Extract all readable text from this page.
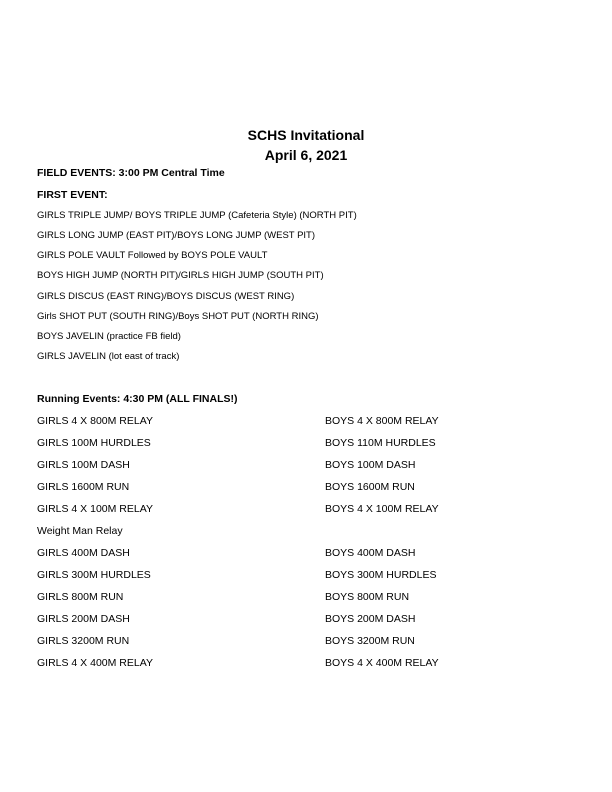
SCHS Invitational
April 6, 2021
FIELD EVENTS: 3:00 PM Central Time
FIRST EVENT:
GIRLS TRIPLE JUMP/ BOYS TRIPLE JUMP (Cafeteria Style) (NORTH PIT)
GIRLS LONG JUMP (EAST PIT)/BOYS LONG JUMP (WEST PIT)
GIRLS POLE VAULT Followed by BOYS POLE VAULT
BOYS HIGH JUMP (NORTH PIT)/GIRLS HIGH JUMP (SOUTH PIT)
GIRLS DISCUS (EAST RING)/BOYS DISCUS (WEST RING)
Girls SHOT PUT (SOUTH RING)/Boys SHOT PUT (NORTH RING)
BOYS JAVELIN (practice FB field)
GIRLS JAVELIN (lot east of track)
Running Events: 4:30 PM (ALL FINALS!)
GIRLS 4 X 800M RELAY	BOYS 4 X 800M RELAY
GIRLS 100M HURDLES	BOYS 110M HURDLES
GIRLS 100M DASH	BOYS 100M DASH
GIRLS 1600M RUN	BOYS 1600M RUN
GIRLS 4 X 100M RELAY	BOYS 4 X 100M RELAY
Weight Man Relay
GIRLS 400M DASH	BOYS 400M DASH
GIRLS 300M HURDLES	BOYS 300M HURDLES
GIRLS 800M RUN	BOYS 800M RUN
GIRLS 200M DASH	BOYS 200M DASH
GIRLS 3200M RUN	BOYS 3200M RUN
GIRLS 4 X 400M RELAY	BOYS 4 X 400M RELAY
